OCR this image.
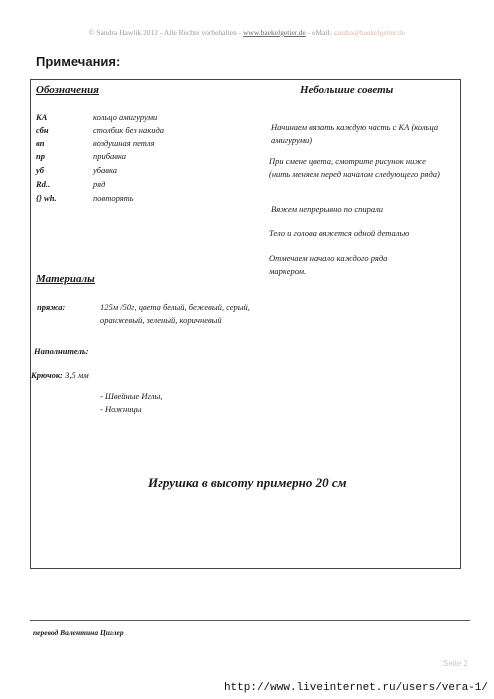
© Sandra Hawlik 2012 - Alle Rechte vorbehalten - www.baekelgetier.de - eMail: sandra@baekelgetier.de
Примечания:
Обозначения
KA	кольцо амигуруми
сбн	столбик без накида
вп	воздушная петля
пр	прибавка
уб	убавка
Rd..	ряд
{} wh.	повторять
Небольшие советы
Начинаем вязать каждую часть с КА (кольца амигуруми)
При смене цвета, смотрите рисунок ниже (нить меняем перед началом следующего ряда)
Вяжем непрерывно по спирали
Тело и голова вяжется одной деталью
Отмечаем начало каждого ряда маркером.
Материалы
пряжа:	125м /50г, цвета белый, бежевый, серый, оранжевый, зеленый, коричневый
Наполнитель:
Крючок: 3,5 мм
- Швейные Иглы,
- Ножницы
Игрушка в высоту примерно 20 см
перевод Валентина Циглер
Seite 2
http://www.liveinternet.ru/users/vera-1/
